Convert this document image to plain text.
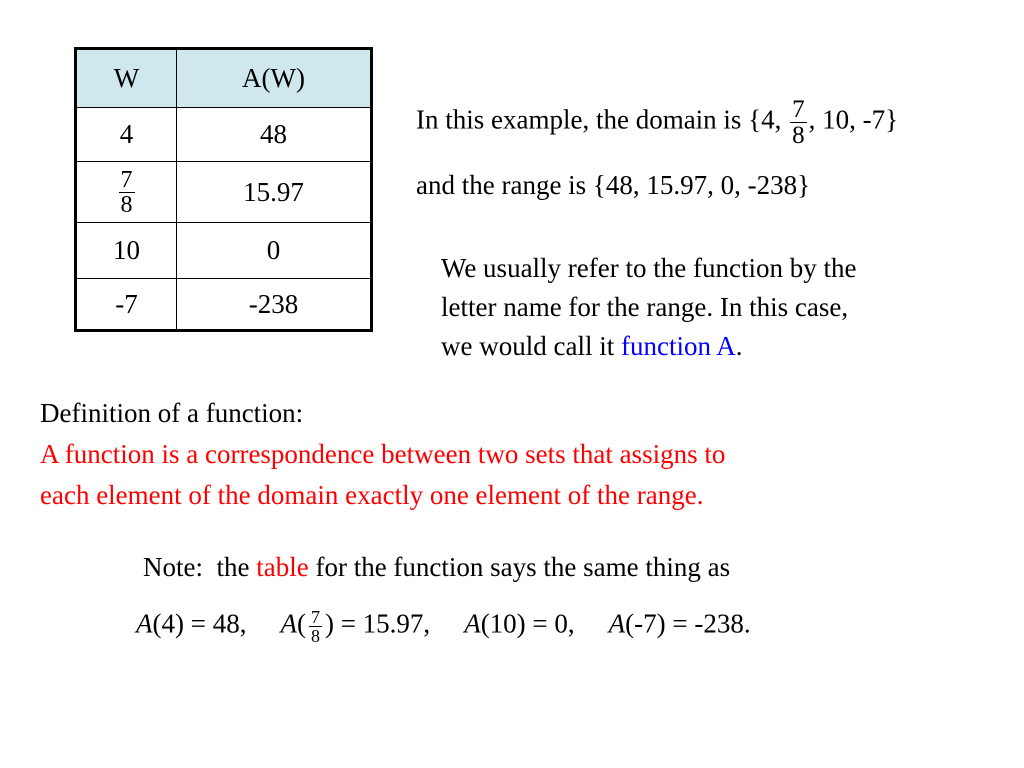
W	A(W)
4	48

$\frac{7}{8}$	15.97
10	0
-7	-238
In this example, the domain is {4, $\frac{7}{8}$ , 10, -7}
and the range is {48, 15.97, 0, -238}
We usually refer to the function by the
letter name for the range. In this case,
we would call it function A.
Definition of a function:
A function is a correspondence between two sets that assigns to
each element of the domain exactly one element of the range.
Note:  the table for the function says the same thing as
A(4) = 48, $A( \frac{7}{8}$ ) = 15.97, A(10) = 0, A(-7) = -238.
